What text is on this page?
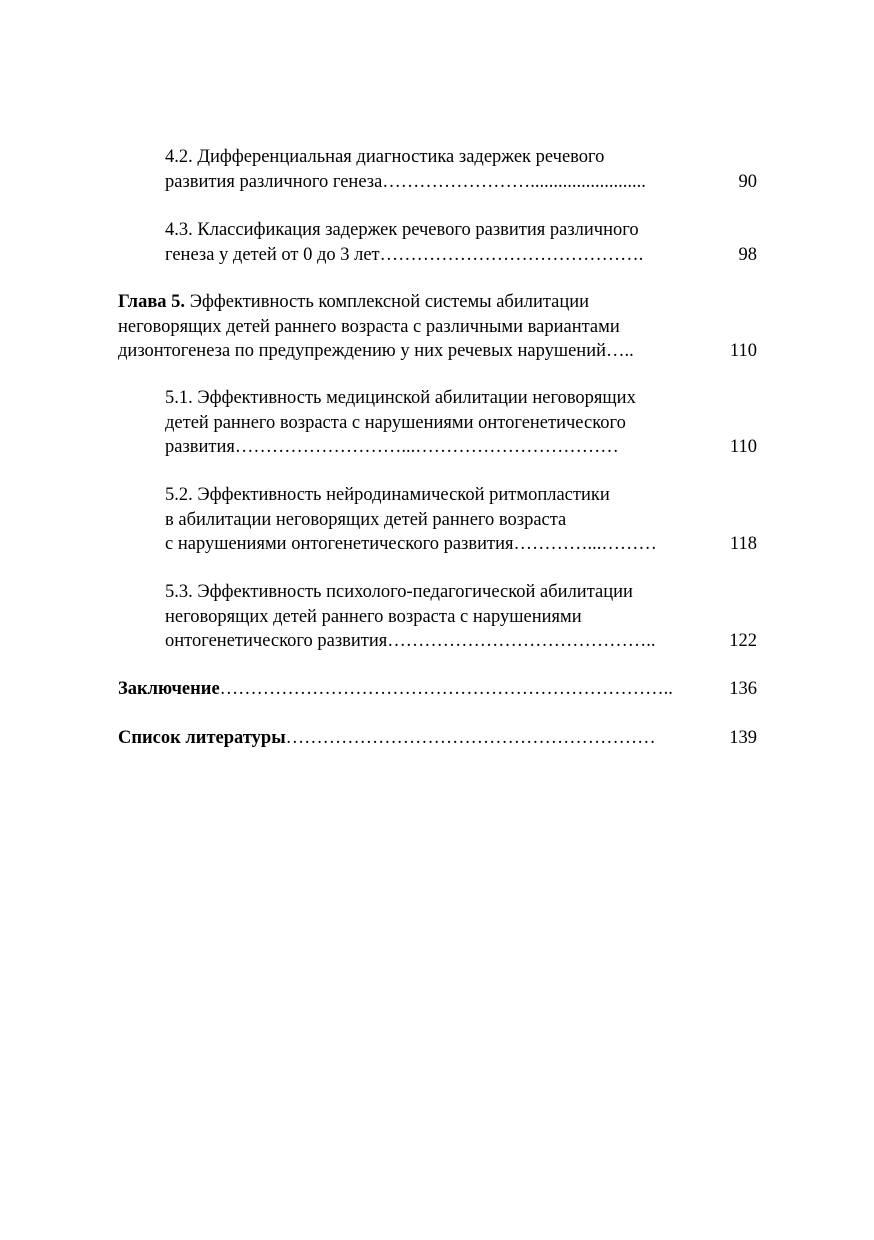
4.2. Дифференциальная диагностика задержек речевого
развития различного генеза…………………….........................	90
4.3. Классификация задержек речевого развития различного
генеза у детей от 0 до 3 лет…………………………………….	98
Глава 5. Эффективность комплексной системы абилитации
неговорящих детей раннего возраста с различными вариантами
дизонтогенеза по предупреждению у них речевых нарушений…..	110
5.1. Эффективность медицинской абилитации неговорящих
детей раннего возраста с нарушениями онтогенетического
развития………………………...……………………………	110
5.2. Эффективность нейродинамической ритмопластики
в абилитации неговорящих детей раннего возраста
с нарушениями онтогенетического развития…………...………	118
5.3. Эффективность психолого-педагогической абилитации
неговорящих детей раннего возраста с нарушениями
онтогенетического развития……………………………………..	122
Заключение………………………………………………………………..	136
Список литературы……………………………………………………	139
